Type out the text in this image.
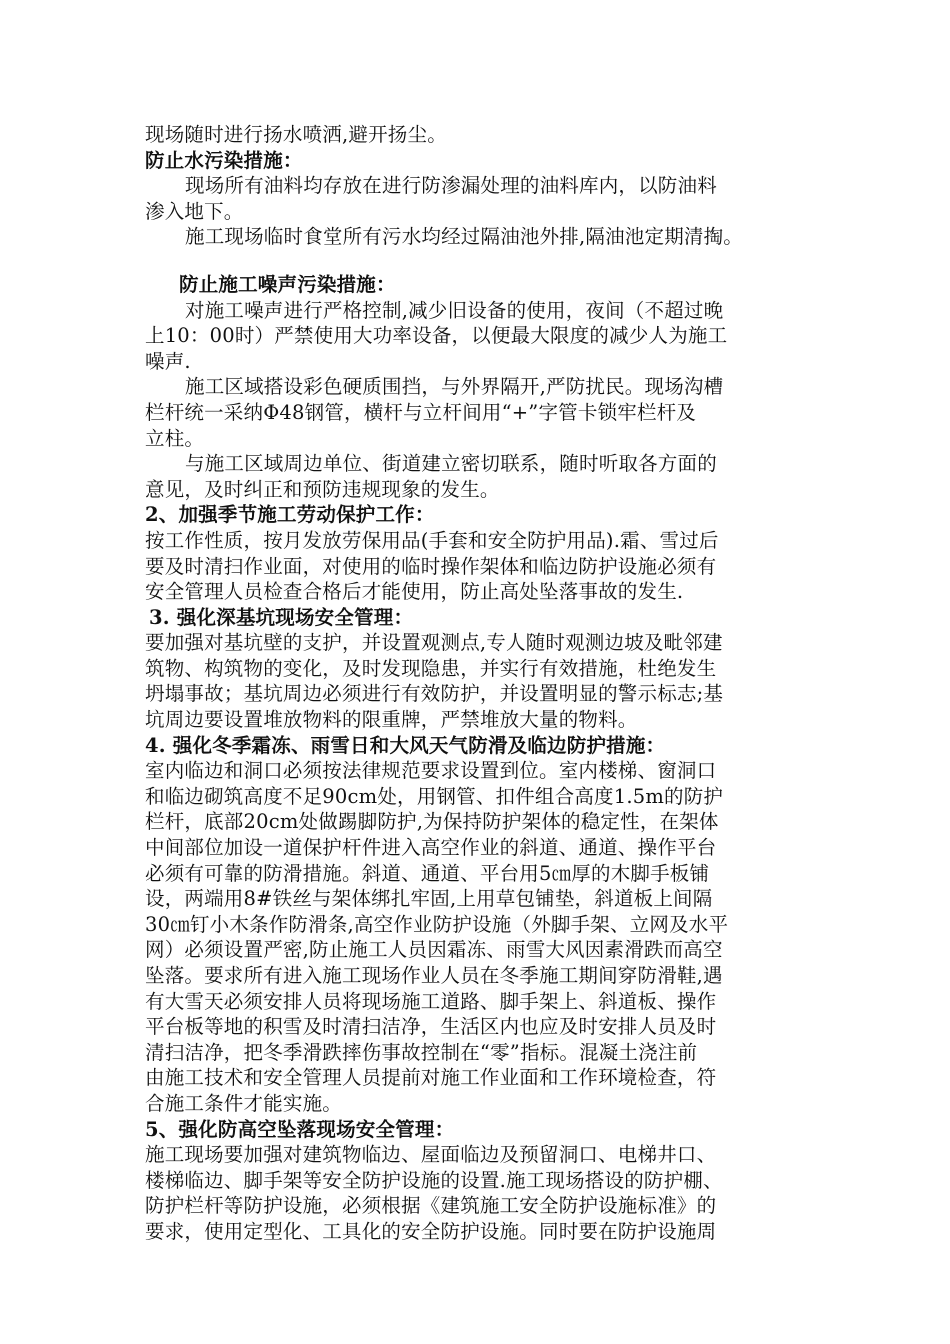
现场随时进行扬水喷洒,避开扬尘。
防止水污染措施：
现场所有油料均存放在进行防渗漏处理的油料库内，以防油料
渗入地下。
施工现场临时食堂所有污水均经过隔油池外排,隔油池定期清掏。
防止施工噪声污染措施：
对施工噪声进行严格控制,减少旧设备的使用，夜间（不超过晚
上10：00时）严禁使用大功率设备，以便最大限度的减少人为施工
噪声.
施工区域搭设彩色硬质围挡，与外界隔开,严防扰民。现场沟槽
栏杆统一采纳Φ48钢管，横杆与立杆间用“+”字管卡锁牢栏杆及
立柱。
与施工区域周边单位、街道建立密切联系，随时听取各方面的
意见，及时纠正和预防违规现象的发生。
2、加强季节施工劳动保护工作：
按工作性质，按月发放劳保用品(手套和安全防护用品).霜、雪过后
要及时清扫作业面，对使用的临时操作架体和临边防护设施必须有
安全管理人员检查合格后才能使用，防止高处坠落事故的发生.
3. 强化深基坑现场安全管理：
要加强对基坑壁的支护，并设置观测点,专人随时观测边坡及毗邻建
筑物、构筑物的变化，及时发现隐患，并实行有效措施，杜绝发生
坍塌事故；基坑周边必须进行有效防护，并设置明显的警示标志;基
坑周边要设置堆放物料的限重牌，严禁堆放大量的物料。
4. 强化冬季霜冻、雨雪日和大风天气防滑及临边防护措施：
室内临边和洞口必须按法律规范要求设置到位。室内楼梯、窗洞口
和临边砌筑高度不足90cm处，用钢管、扣件组合高度1.5m的防护
栏杆，底部20cm处做踢脚防护,为保持防护架体的稳定性，在架体
中间部位加设一道保护杆件进入高空作业的斜道、通道、操作平台
必须有可靠的防滑措施。斜道、通道、平台用5㎝厚的木脚手板铺
设，两端用8#铁丝与架体绑扎牢固,上用草包铺垫，斜道板上间隔
30㎝钉小木条作防滑条,高空作业防护设施（外脚手架、立网及水平
网）必须设置严密,防止施工人员因霜冻、雨雪大风因素滑跌而高空
坠落。要求所有进入施工现场作业人员在冬季施工期间穿防滑鞋,遇
有大雪天必须安排人员将现场施工道路、脚手架上、斜道板、操作
平台板等地的积雪及时清扫洁净，生活区内也应及时安排人员及时
清扫洁净，把冬季滑跌摔伤事故控制在“零”指标。混凝土浇注前
由施工技术和安全管理人员提前对施工作业面和工作环境检查，符
合施工条件才能实施。
5、强化防高空坠落现场安全管理：
施工现场要加强对建筑物临边、屋面临边及预留洞口、电梯井口、
楼梯临边、脚手架等安全防护设施的设置.施工现场搭设的防护棚、
防护栏杆等防护设施，必须根据《建筑施工安全防护设施标准》的
要求，使用定型化、工具化的安全防护设施。同时要在防护设施周
